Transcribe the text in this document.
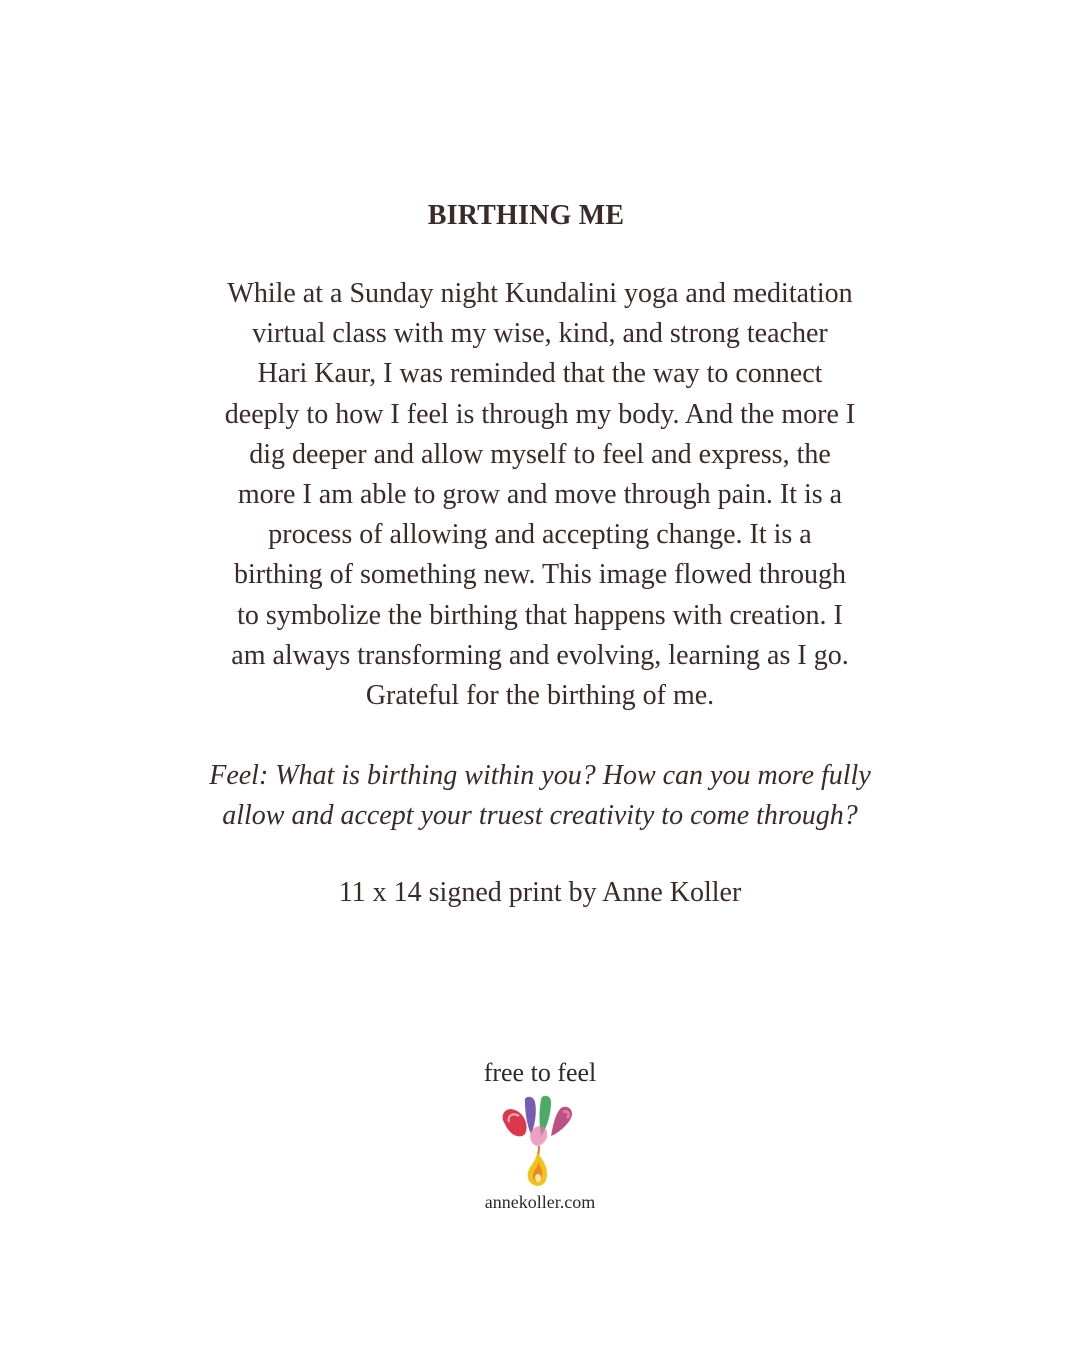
BIRTHING ME

While at a Sunday night Kundalini yoga and meditation
virtual class with my wise, kind, and strong teacher
Hari Kaur, I was reminded that the way to connect
deeply to how I feel is through my body. And the more I
dig deeper and allow myself to feel and express, the
more I am able to grow and move through pain. It is a
process of allowing and accepting change. It is a
birthing of something new. This image flowed through
to symbolize the birthing that happens with creation. I
am always transforming and evolving, learning as I go.
Grateful for the birthing of me.

Feel: What is birthing within you? How can you more fully
allow and accept your truest creativity to come through?

11 x 14 signed print by Anne Koller

free to feel

annekoller.com
